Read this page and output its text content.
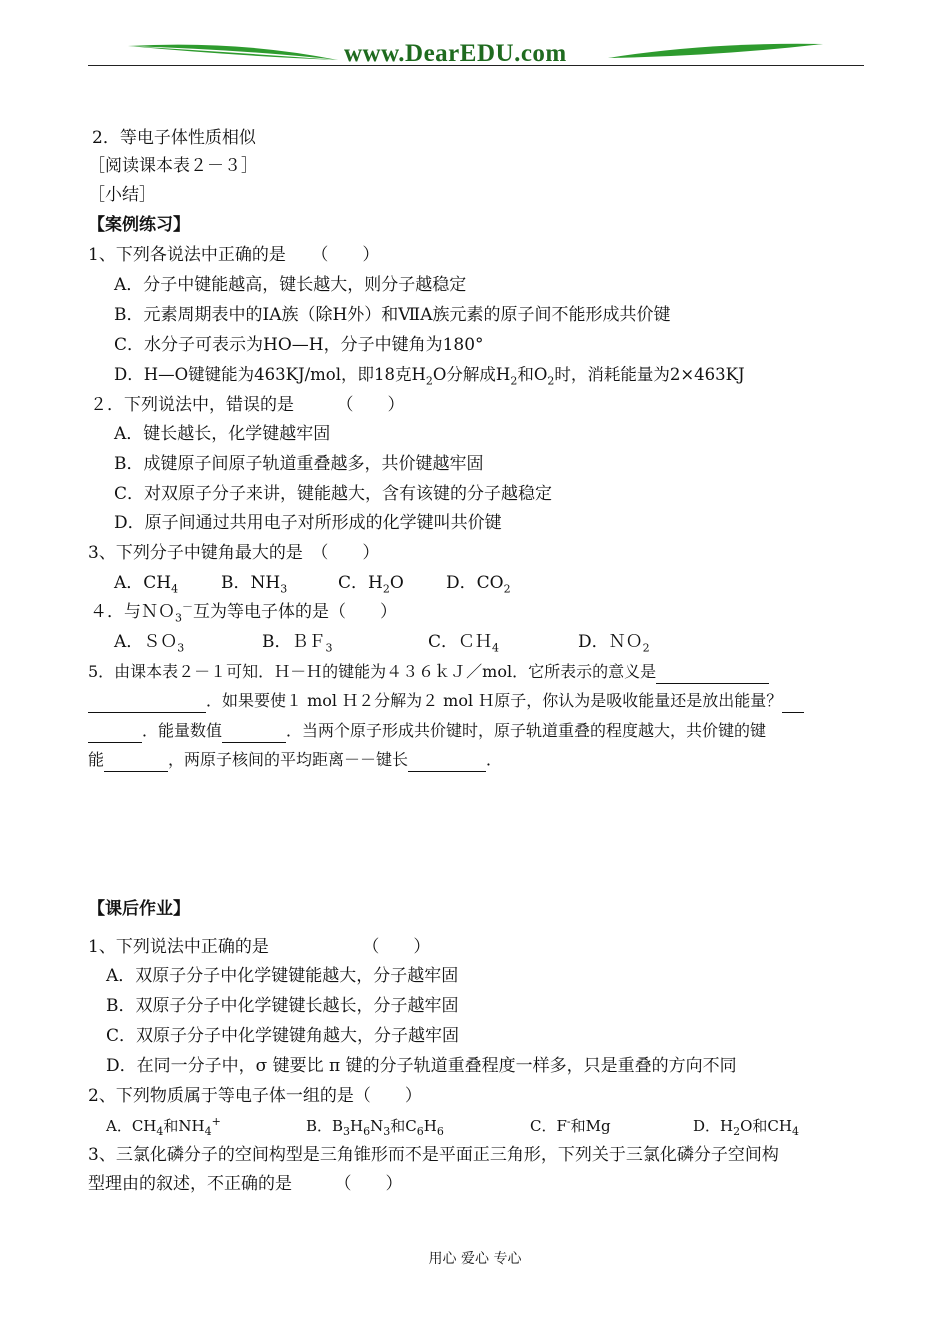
www.DearEDU.com
2．等电子体性质相似
［阅读课本表２－３］
［小结］
【案例练习】
1、下列各说法中正确的是　　（　　）
A．分子中键能越高，键长越大，则分子越稳定
B．元素周期表中的ⅠA族（除H外）和ⅦA族元素的原子间不能形成共价键
C．水分子可表示为HO—H，分子中键角为180°
D．H—O键键能为463KJ/mol，即18克$H_2O$分解成$H_2$和$O_2$时，消耗能量为2×463KJ
２．下列说法中，错误的是　　　（　　）
A．键长越长，化学键越牢固
B．成键原子间原子轨道重叠越多，共价键越牢固
C．对双原子分子来讲，键能越大，含有该键的分子越稳定
D．原子间通过共用电子对所形成的化学键叫共价键
3、下列分子中键角最大的是　（　　）
A．$CH_4$	B．$NH_3$	C．$H_2O$ D．$CO_2$
４．与ＮＯ$_3$－互为等电子体的是（　　）
A．ＳＯ$_3$	B．ＢＦ$_3$	C．ＣＨ$_4$	D．ＮＯ$_2$
5．由课本表２－１可知．Ｈ－Ｈ的键能为４３６ｋＪ／mol．它所表示的意义是
．如果要使１ mol Ｈ２分解为２ mol Ｈ原子，你认为是吸收能量还是放出能量？
．能量数值	．当两个原子形成共价键时，原子轨道重叠的程度越大，共价键的键
能	，两原子核间的平均距离－－键长	．
【课后作业】
1、下列说法中正确的是　　　　　　（　　）
A．双原子分子中化学键键能越大，分子越牢固
B．双原子分子中化学键键长越长，分子越牢固
C．双原子分子中化学键键角越大，分子越牢固
D．在同一分子中，σ 键要比 π 键的分子轨道重叠程度一样多，只是重叠的方向不同
2、下列物质属于等电子体一组的是（　　）
A．$CH_4$和$NH_4^+$	B．$B_3H_6N_3$和$C_6H_6$	C．F-和Mg	D．$H_2O$和$CH_4$
3、三氯化磷分子的空间构型是三角锥形而不是平面正三角形，下列关于三氯化磷分子空间构
型理由的叙述，不正确的是　　　（　　）
用心 爱心 专心
